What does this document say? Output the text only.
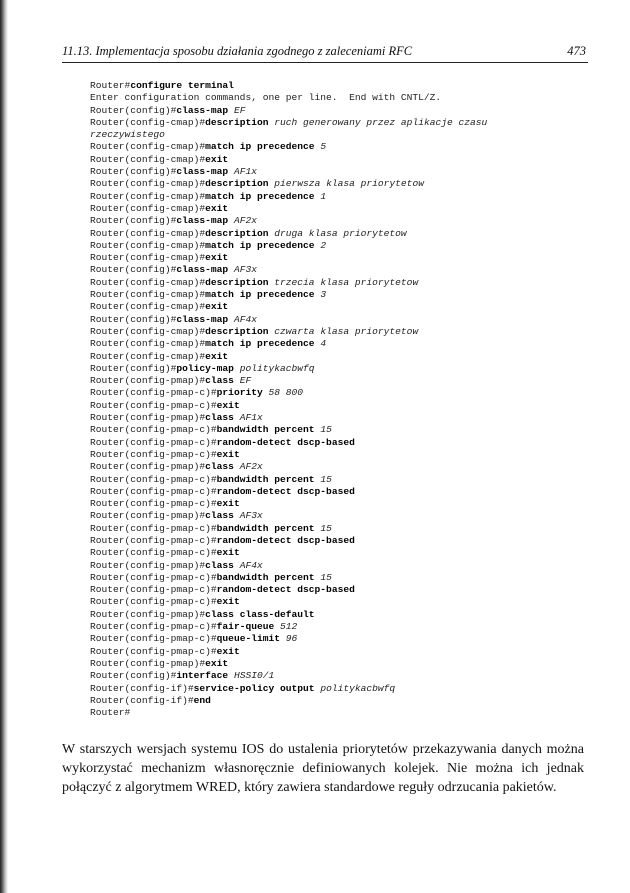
11.13. Implementacja sposobu działania zgodnego z zaleceniami RFC	473
Router#configure terminal
Enter configuration commands, one per line.  End with CNTL/Z.
Router(config)#class-map EF
Router(config-cmap)#description ruch generowany przez aplikacje czasu
rzeczywistego
Router(config-cmap)#match ip precedence 5
Router(config-cmap)#exit
Router(config)#class-map AF1x
Router(config-cmap)#description pierwsza klasa priorytetow
Router(config-cmap)#match ip precedence 1
Router(config-cmap)#exit
Router(config)#class-map AF2x
Router(config-cmap)#description druga klasa priorytetow
Router(config-cmap)#match ip precedence 2
Router(config-cmap)#exit
Router(config)#class-map AF3x
Router(config-cmap)#description trzecia klasa priorytetow
Router(config-cmap)#match ip precedence 3
Router(config-cmap)#exit
Router(config)#class-map AF4x
Router(config-cmap)#description czwarta klasa priorytetow
Router(config-cmap)#match ip precedence 4
Router(config-cmap)#exit
Router(config)#policy-map politykacbwfq
Router(config-pmap)#class EF
Router(config-pmap-c)#priority 58 800
Router(config-pmap-c)#exit
Router(config-pmap)#class AF1x
Router(config-pmap-c)#bandwidth percent 15
Router(config-pmap-c)#random-detect dscp-based
Router(config-pmap-c)#exit
Router(config-pmap)#class AF2x
Router(config-pmap-c)#bandwidth percent 15
Router(config-pmap-c)#random-detect dscp-based
Router(config-pmap-c)#exit
Router(config-pmap)#class AF3x
Router(config-pmap-c)#bandwidth percent 15
Router(config-pmap-c)#random-detect dscp-based
Router(config-pmap-c)#exit
Router(config-pmap)#class AF4x
Router(config-pmap-c)#bandwidth percent 15
Router(config-pmap-c)#random-detect dscp-based
Router(config-pmap-c)#exit
Router(config-pmap)#class class-default
Router(config-pmap-c)#fair-queue 512
Router(config-pmap-c)#queue-limit 96
Router(config-pmap-c)#exit
Router(config-pmap)#exit
Router(config)#interface HSSI0/1
Router(config-if)#service-policy output politykacbwfq
Router(config-if)#end
Router#

W starszych wersjach systemu IOS do ustalenia priorytetów przekazywania danych można wykorzystać mechanizm własnoręcznie definiowanych kolejek. Nie można ich jednak połączyć z algorytmem WRED, który zawiera standardowe reguły odrzucania pakietów.
